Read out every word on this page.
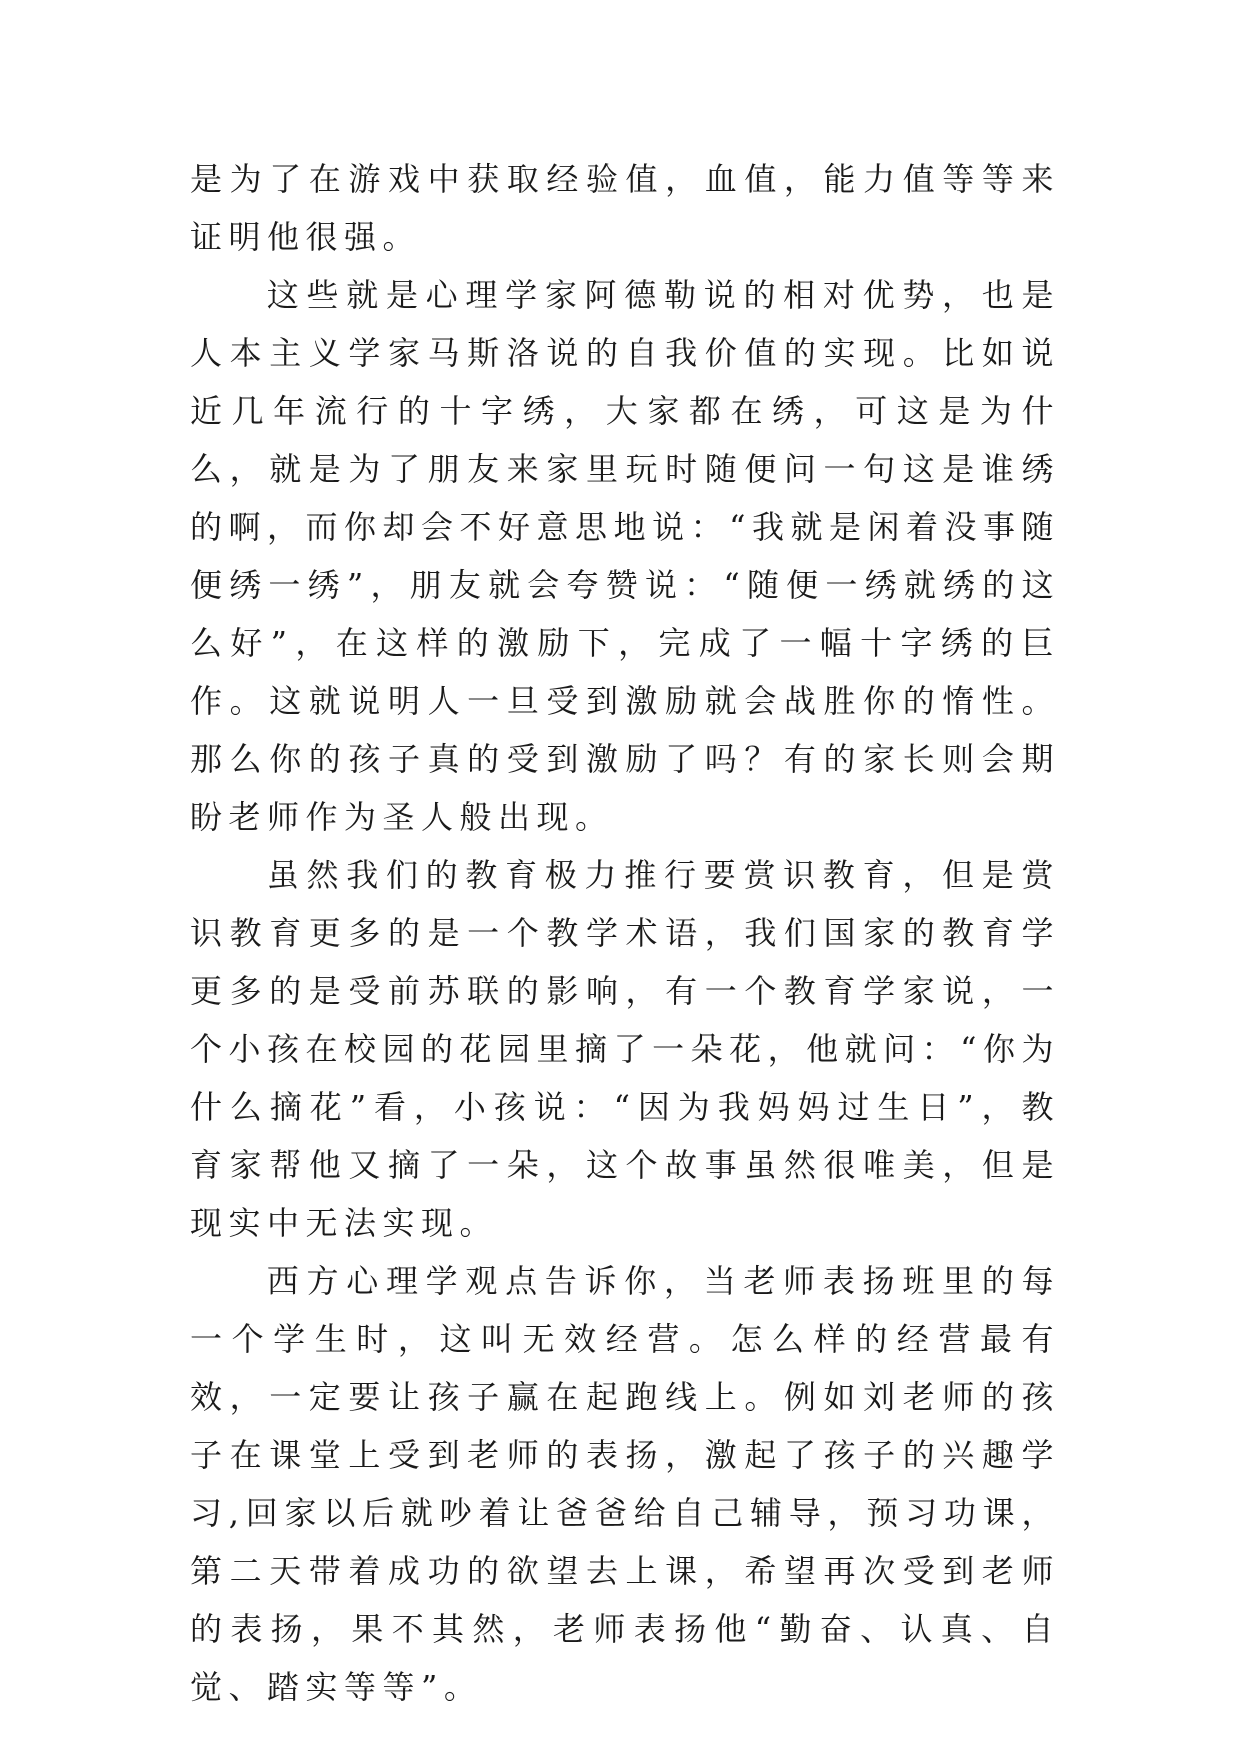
是为了在游戏中获取经验值，血值，能力值等等来证明他很强。

这些就是心理学家阿德勒说的相对优势，也是人本主义学家马斯洛说的自我价值的实现。比如说近几年流行的十字绣，大家都在绣，可这是为什么，就是为了朋友来家里玩时随便问一句这是谁绣的啊，而你却会不好意思地说：“我就是闲着没事随便绣一绣”，朋友就会夸赞说：“随便一绣就绣的这么好”，在这样的激励下，完成了一幅十字绣的巨作。这就说明人一旦受到激励就会战胜你的惰性。那么你的孩子真的受到激励了吗？有的家长则会期盼老师作为圣人般出现。

虽然我们的教育极力推行要赏识教育，但是赏识教育更多的是一个教学术语，我们国家的教育学更多的是受前苏联的影响，有一个教育学家说，一个小孩在校园的花园里摘了一朵花，他就问：“你为什么摘花”看，小孩说：“因为我妈妈过生日”，教育家帮他又摘了一朵，这个故事虽然很唯美，但是现实中无法实现。

西方心理学观点告诉你，当老师表扬班里的每一个学生时，这叫无效经营。怎么样的经营最有效，一定要让孩子赢在起跑线上。例如刘老师的孩子在课堂上受到老师的表扬，激起了孩子的兴趣学习,回家以后就吵着让爸爸给自己辅导，预习功课，第二天带着成功的欲望去上课，希望再次受到老师的表扬，果不其然，老师表扬他“勤奋、认真、自觉、踏实等等”。
